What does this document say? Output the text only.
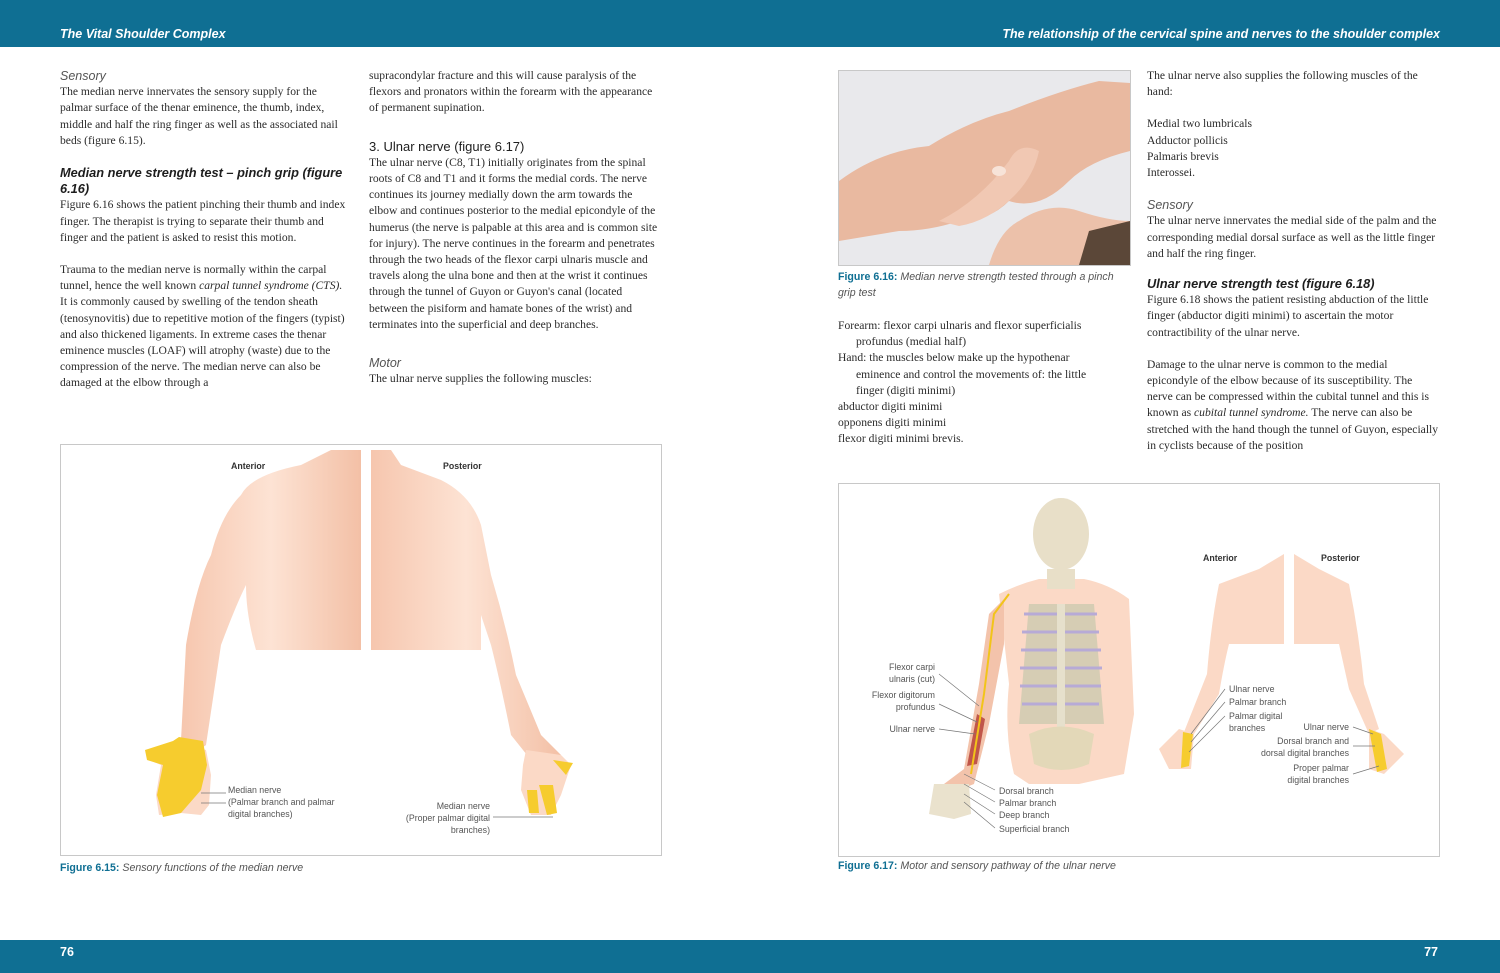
The Vital Shoulder Complex	The relationship of the cervical spine and nerves to the shoulder complex
76	77

Sensory

The median nerve innervates the sensory supply for the palmar surface of the thenar eminence, the thumb, index, middle and half the ring finger as well as the associated nail beds (figure 6.15).

Median nerve strength test – pinch grip (figure 6.16)

Figure 6.16 shows the patient pinching their thumb and index finger. The therapist is trying to separate their thumb and finger and the patient is asked to resist this motion.

Trauma to the median nerve is normally within the carpal tunnel, hence the well known carpal tunnel syndrome (CTS). It is commonly caused by swelling of the tendon sheath (tenosynovitis) due to repetitive motion of the fingers (typist) and also thickened ligaments. In extreme cases the thenar eminence muscles (LOAF) will atrophy (waste) due to the compression of the nerve. The median nerve can also be damaged at the elbow through a

supracondylar fracture and this will cause paralysis of the flexors and pronators within the forearm with the appearance of permanent supination.

3. Ulnar nerve (figure 6.17)

The ulnar nerve (C8, T1) initially originates from the spinal roots of C8 and T1 and it forms the medial cords. The nerve continues its journey medially down the arm towards the elbow and continues posterior to the medial epicondyle of the humerus (the nerve is palpable at this area and is common site for injury). The nerve continues in the forearm and penetrates through the two heads of the flexor carpi ulnaris muscle and travels along the ulna bone and then at the wrist it continues through the tunnel of Guyon or Guyon's canal (located between the pisiform and hamate bones of the wrist) and terminates into the superficial and deep branches.

Motor

The ulnar nerve supplies the following muscles:

Anterior	Posterior
Median nerve
(Palmar branch and palmar
digital branches)
Median nerve
(Proper palmar digital
branches)
Figure 6.15: Sensory functions of the median nerve
Figure 6.16: Median nerve strength tested through a pinch grip test

Forearm: flexor carpi ulnaris and flexor superficialis

profundus (medial half)

Hand: the muscles below make up the hypothenar

eminence and control the movements of: the little

finger (digiti minimi)

abductor digiti minimi

opponens digiti minimi

flexor digiti minimi brevis.

The ulnar nerve also supplies the following muscles of the hand:

Medial two lumbricals

Adductor pollicis

Palmaris brevis

Interossei.

Sensory

The ulnar nerve innervates the medial side of the palm and the corresponding medial dorsal surface as well as the little finger and half the ring finger.

Ulnar nerve strength test (figure 6.18)

Figure 6.18 shows the patient resisting abduction of the little finger (abductor digiti minimi) to ascertain the motor contractibility of the ulnar nerve.

Damage to the ulnar nerve is common to the medial epicondyle of the elbow because of its susceptibility. The nerve can be compressed within the cubital tunnel and this is known as cubital tunnel syndrome. The nerve can also be stretched with the hand though the tunnel of Guyon, especially in cyclists because of the position

Flexor carpi
ulnaris (cut)
Flexor digitorum
profundus
Ulnar nerve
Dorsal branch
Palmar branch
Deep branch
Superficial branch
Anterior	Posterior
Ulnar nerve
Palmar branch
Palmar digital
branches	Ulnar nerve
Dorsal branch and
dorsal digital branches
Proper palmar
digital branches
Figure 6.17: Motor and sensory pathway of the ulnar nerve
